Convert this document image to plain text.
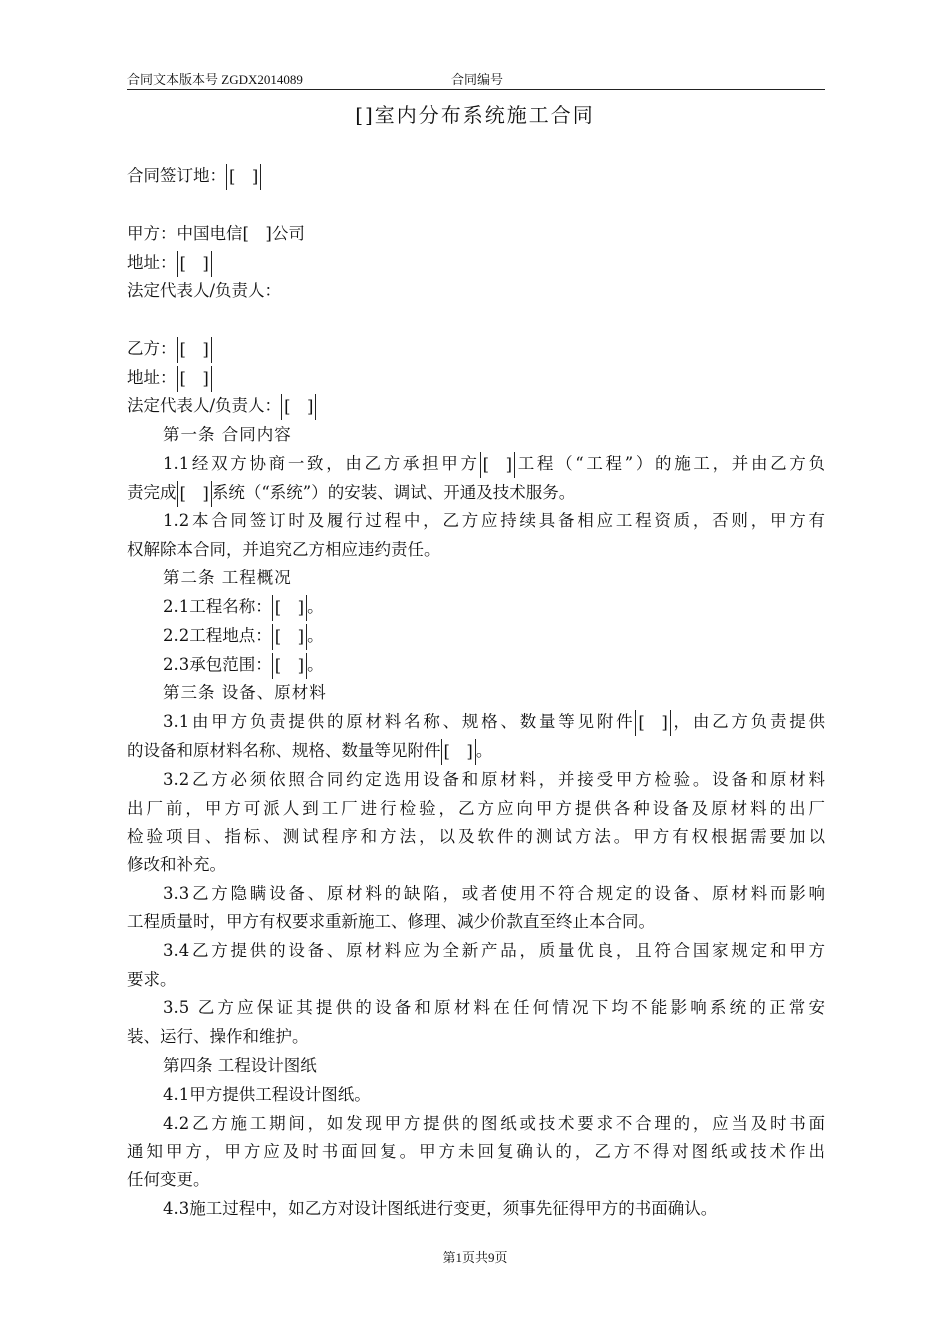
合同文本版本号 ZGDX2014089	合同编号
[]室内分布系统施工合同
合同签订地： [　]
甲方：中国电信[　]公司
地址： [　]
法定代表人/负责人：
乙方： [　]
地址： [　]
法定代表人/负责人： [　]
第一条 合同内容
1.1经双方协商一致，由乙方承担甲方 [　] 工程（“工程”）的施工，并由乙方负
责完成 [　] 系统（“系统”）的安装、调试、开通及技术服务。
1.2本合同签订时及履行过程中，乙方应持续具备相应工程资质，否则，甲方有
权解除本合同，并追究乙方相应违约责任。
第二条 工程概况
2.1工程名称： [　] 。
2.2工程地点： [　] 。
2.3承包范围： [　] 。
第三条 设备、原材料
3.1由甲方负责提供的原材料名称、规格、数量等见附件 [　] ，由乙方负责提供
的设备和原材料名称、规格、数量等见附件 [　] 。
3.2乙方必须依照合同约定选用设备和原材料，并接受甲方检验。设备和原材料
出厂前，甲方可派人到工厂进行检验，乙方应向甲方提供各种设备及原材料的出厂
检验项目、指标、测试程序和方法，以及软件的测试方法。甲方有权根据需要加以
修改和补充。
3.3乙方隐瞒设备、原材料的缺陷，或者使用不符合规定的设备、原材料而影响
工程质量时，甲方有权要求重新施工、修理、减少价款直至终止本合同。
3.4乙方提供的设备、原材料应为全新产品，质量优良，且符合国家规定和甲方
要求。
3.5 乙方应保证其提供的设备和原材料在任何情况下均不能影响系统的正常安
装、运行、操作和维护。
第四条 工程设计图纸
4.1甲方提供工程设计图纸。
4.2乙方施工期间，如发现甲方提供的图纸或技术要求不合理的，应当及时书面
通知甲方，甲方应及时书面回复。甲方未回复确认的，乙方不得对图纸或技术作出
任何变更。
4.3施工过程中，如乙方对设计图纸进行变更，须事先征得甲方的书面确认。
第1页共9页
